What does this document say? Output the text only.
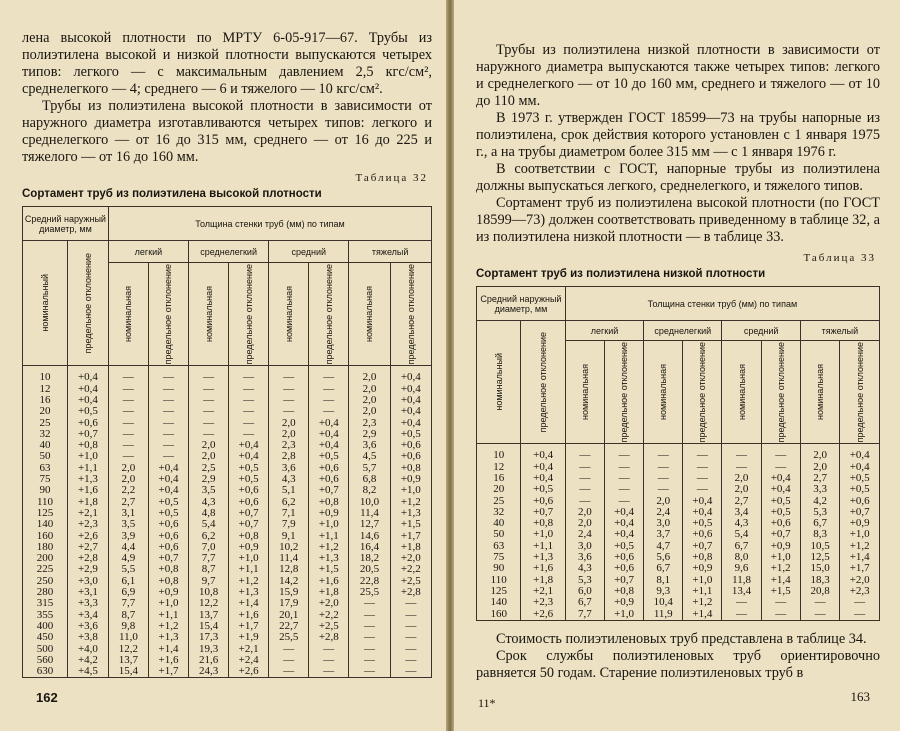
лена высокой плотности по МРТУ 6-05-917—67. Трубы из полиэтилена высокой и низкой плотности выпускаются четырех типов: легкого — с максимальным давлением 2,5 кгс/см², среднелегкого — 4; среднего — 6 и тяжелого — 10 кгс/см².

Трубы из полиэтилена высокой плотности в зависимости от наружного диаметра изготавливаются четырех типов: легкого и среднелегкого — от 16 до 315 мм, среднего — от 16 до 225 и тяжелого — от 16 до 160 мм.

Таблица 32
Сортамент труб из полиэтилена высокой плотности
Средний наружный диаметр, мм		Толщина стенки труб (мм) по типам							

номинальный	предельное отклонение	легкий		среднелегкий		средний		тяжелый	

		номинальная	предельное отклонение	номинальная	предельное отклонение	номинальная	предельное отклонение	номинальная	предельное отклонение

10	+0,4	—	—	—	—	—	—	2,0	+0,4
12	+0,4	—	—	—	—	—	—	2,0	+0,4
16	+0,4	—	—	—	—	—	—	2,0	+0,4
20	+0,5	—	—	—	—	—	—	2,0	+0,4
25	+0,6	—	—	—	—	2,0	+0,4	2,3	+0,4
32	+0,7	—	—	—	—	2,0	+0,4	2,9	+0,5
40	+0,8	—	—	2,0	+0,4	2,3	+0,4	3,6	+0,6
50	+1,0	—	—	2,0	+0,4	2,8	+0,5	4,5	+0,6
63	+1,1	2,0	+0,4	2,5	+0,5	3,6	+0,6	5,7	+0,8
75	+1,3	2,0	+0,4	2,9	+0,5	4,3	+0,6	6,8	+0,9
90	+1,6	2,2	+0,4	3,5	+0,6	5,1	+0,7	8,2	+1,0
110	+1,8	2,7	+0,5	4,3	+0,6	6,2	+0,8	10,0	+1,2
125	+2,1	3,1	+0,5	4,8	+0,7	7,1	+0,9	11,4	+1,3
140	+2,3	3,5	+0,6	5,4	+0,7	7,9	+1,0	12,7	+1,5
160	+2,6	3,9	+0,6	6,2	+0,8	9,1	+1,1	14,6	+1,7
180	+2,7	4,4	+0,6	7,0	+0,9	10,2	+1,2	16,4	+1,8
200	+2,8	4,9	+0,7	7,7	+1,0	11,4	+1,3	18,2	+2,0
225	+2,9	5,5	+0,8	8,7	+1,1	12,8	+1,5	20,5	+2,2
250	+3,0	6,1	+0,8	9,7	+1,2	14,2	+1,6	22,8	+2,5
280	+3,1	6,9	+0,9	10,8	+1,3	15,9	+1,8	25,5	+2,8
315	+3,3	7,7	+1,0	12,2	+1,4	17,9	+2,0	—	—
355	+3,4	8,7	+1,1	13,7	+1,6	20,1	+2,2	—	—
400	+3,6	9,8	+1,2	15,4	+1,7	22,7	+2,5	—	—
450	+3,8	11,0	+1,3	17,3	+1,9	25,5	+2,8	—	—
500	+4,0	12,2	+1,4	19,3	+2,1	—	—	—	—
560	+4,2	13,7	+1,6	21,6	+2,4	—	—	—	—
630	+4,5	15,4	+1,7	24,3	+2,6	—	—	—	—
162

Трубы из полиэтилена низкой плотности в зависимости от наружного диаметра выпускаются также четырех типов: легкого и среднелегкого — от 10 до 160 мм, среднего и тяжелого — от 10 до 110 мм.

В 1973 г. утвержден ГОСТ 18599—73 на трубы напорные из полиэтилена, срок действия которого установлен с 1 января 1975 г., а на трубы диаметром более 315 мм — с 1 января 1976 г.

В соответствии с ГОСТ, напорные трубы из полиэтилена должны выпускаться легкого, среднелегкого, и тяжелого типов.

Сортамент труб из полиэтилена высокой плотности (по ГОСТ 18599—73) должен соответствовать приведенному в таблице 32, а из полиэтилена низкой плотности — в таблице 33.

Таблица 33
Сортамент труб из полиэтилена низкой плотности
Средний наружный диаметр, мм		Толщина стенки труб (мм) по типам							

номинальный	предельное отклонение	легкий		среднелегкий		средний		тяжелый	

		номинальная	предельное отклонение	номинальная	предельное отклонение	номинальная	предельное отклонение	номинальная	предельное отклонение

10	+0,4	—	—	—	—	—	—	2,0	+0,4
12	+0,4	—	—	—	—	—	—	2,0	+0,4
16	+0,4	—	—	—	—	2,0	+0,4	2,7	+0,5
20	+0,5	—	—	—	—	2,0	+0,4	3,3	+0,5
25	+0,6	—	—	2,0	+0,4	2,7	+0,5	4,2	+0,6
32	+0,7	2,0	+0,4	2,4	+0,4	3,4	+0,5	5,3	+0,7
40	+0,8	2,0	+0,4	3,0	+0,5	4,3	+0,6	6,7	+0,9
50	+1,0	2,4	+0,4	3,7	+0,6	5,4	+0,7	8,3	+1,0
63	+1,1	3,0	+0,5	4,7	+0,7	6,7	+0,9	10,5	+1,2
75	+1,3	3,6	+0,6	5,6	+0,8	8,0	+1,0	12,5	+1,4
90	+1,6	4,3	+0,6	6,7	+0,9	9,6	+1,2	15,0	+1,7
110	+1,8	5,3	+0,7	8,1	+1,0	11,8	+1,4	18,3	+2,0
125	+2,1	6,0	+0,8	9,3	+1,1	13,4	+1,5	20,8	+2,3
140	+2,3	6,7	+0,9	10,4	+1,2	—	—	—	—
160	+2,6	7,7	+1,0	11,9	+1,4	—	—	—	—

Стоимость полиэтиленовых труб представлена в таблице 34.

Срок службы полиэтиленовых труб ориентировочно равняется 50 годам. Старение полиэтиленовых труб в

11*	163
